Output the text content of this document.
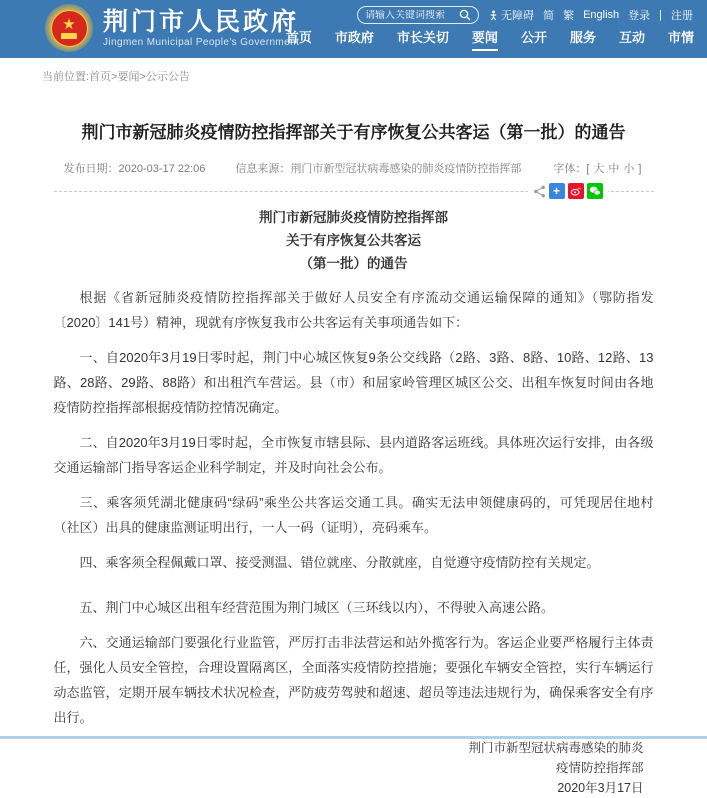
★ 荆门市人民政府
Jingmen Municipal People's Government
请输入关键词搜索
无障碍 简 繁 English 登录 | 注册
首页 市政府 市长关切 要闻 公开 服务 互动 市情
当前位置:首页>要闻>公示公告
荆门市新冠肺炎疫情防控指挥部关于有序恢复公共客运（第一批）的通告
发布日期：2020-03-17 22:06	信息来源：荆门市新型冠状病毒感染的肺炎疫情防控指挥部	字体：[ 大 中 小 ]
+
荆门市新冠肺炎疫情防控指挥部
关于有序恢复公共客运
（第一批）的通告

根据《省新冠肺炎疫情防控指挥部关于做好人员安全有序流动交通运输保障的通知》（鄂防指发〔2020〕141号）精神，现就有序恢复我市公共客运有关事项通告如下：

一、自2020年3月19日零时起，荆门中心城区恢复9条公交线路（2路、3路、8路、10路、12路、13路、28路、29路、88路）和出租汽车营运。县（市）和屈家岭管理区城区公交、出租车恢复时间由各地疫情防控指挥部根据疫情防控情况确定。

二、自2020年3月19日零时起，全市恢复市辖县际、县内道路客运班线。具体班次运行安排，由各级交通运输部门指导客运企业科学制定，并及时向社会公布。

三、乘客须凭湖北健康码“绿码”乘坐公共客运交通工具。确实无法申领健康码的，可凭现居住地村（社区）出具的健康监测证明出行，一人一码（证明），亮码乘车。

四、乘客须全程佩戴口罩、接受测温、错位就座、分散就座，自觉遵守疫情防控有关规定。

五、荆门中心城区出租车经营范围为荆门城区（三环线以内），不得驶入高速公路。

六、交通运输部门要强化行业监管，严厉打击非法营运和站外揽客行为。客运企业要严格履行主体责任，强化人员安全管控，合理设置隔离区，全面落实疫情防控措施；要强化车辆安全管控，实行车辆运行动态监管，定期开展车辆技术状况检查，严防疲劳驾驶和超速、超员等违法违规行为，确保乘客安全有序出行。

荆门市新型冠状病毒感染的肺炎
疫情防控指挥部
2020年3月17日
